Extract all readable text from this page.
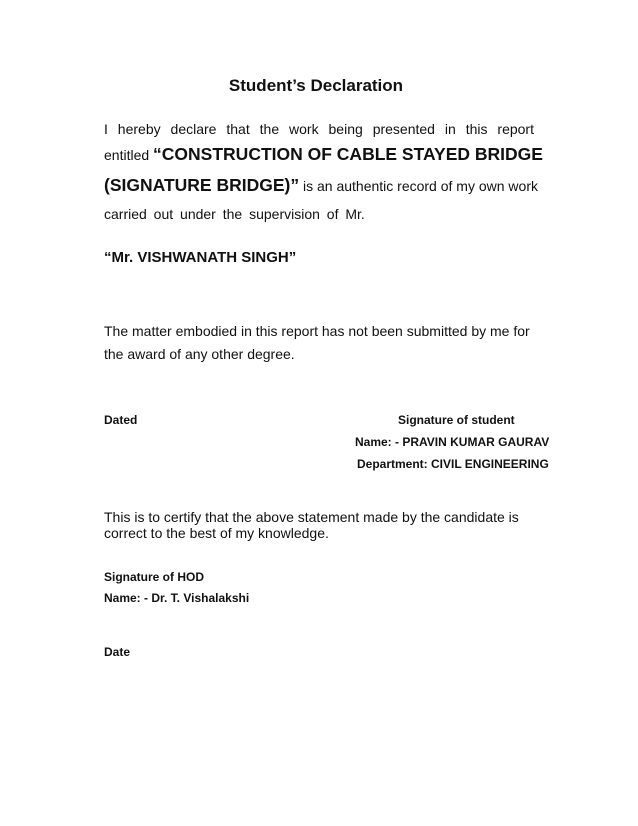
Student’s Declaration
I hereby declare that the work being presented in this report
entitled “CONSTRUCTION OF CABLE STAYED BRIDGE
(SIGNATURE BRIDGE)” is an authentic record of my own work
carried out under the supervision of Mr.
“Mr. VISHWANATH SINGH”
The matter embodied in this report has not been submitted by me for
the award of any other degree.
Dated	Signature of student
Name: - PRAVIN KUMAR GAURAV
Department: CIVIL ENGINEERING
This is to certify that the above statement made by the candidate is
correct to the best of my knowledge.
Signature of HOD
Name: - Dr. T. Vishalakshi
Date
